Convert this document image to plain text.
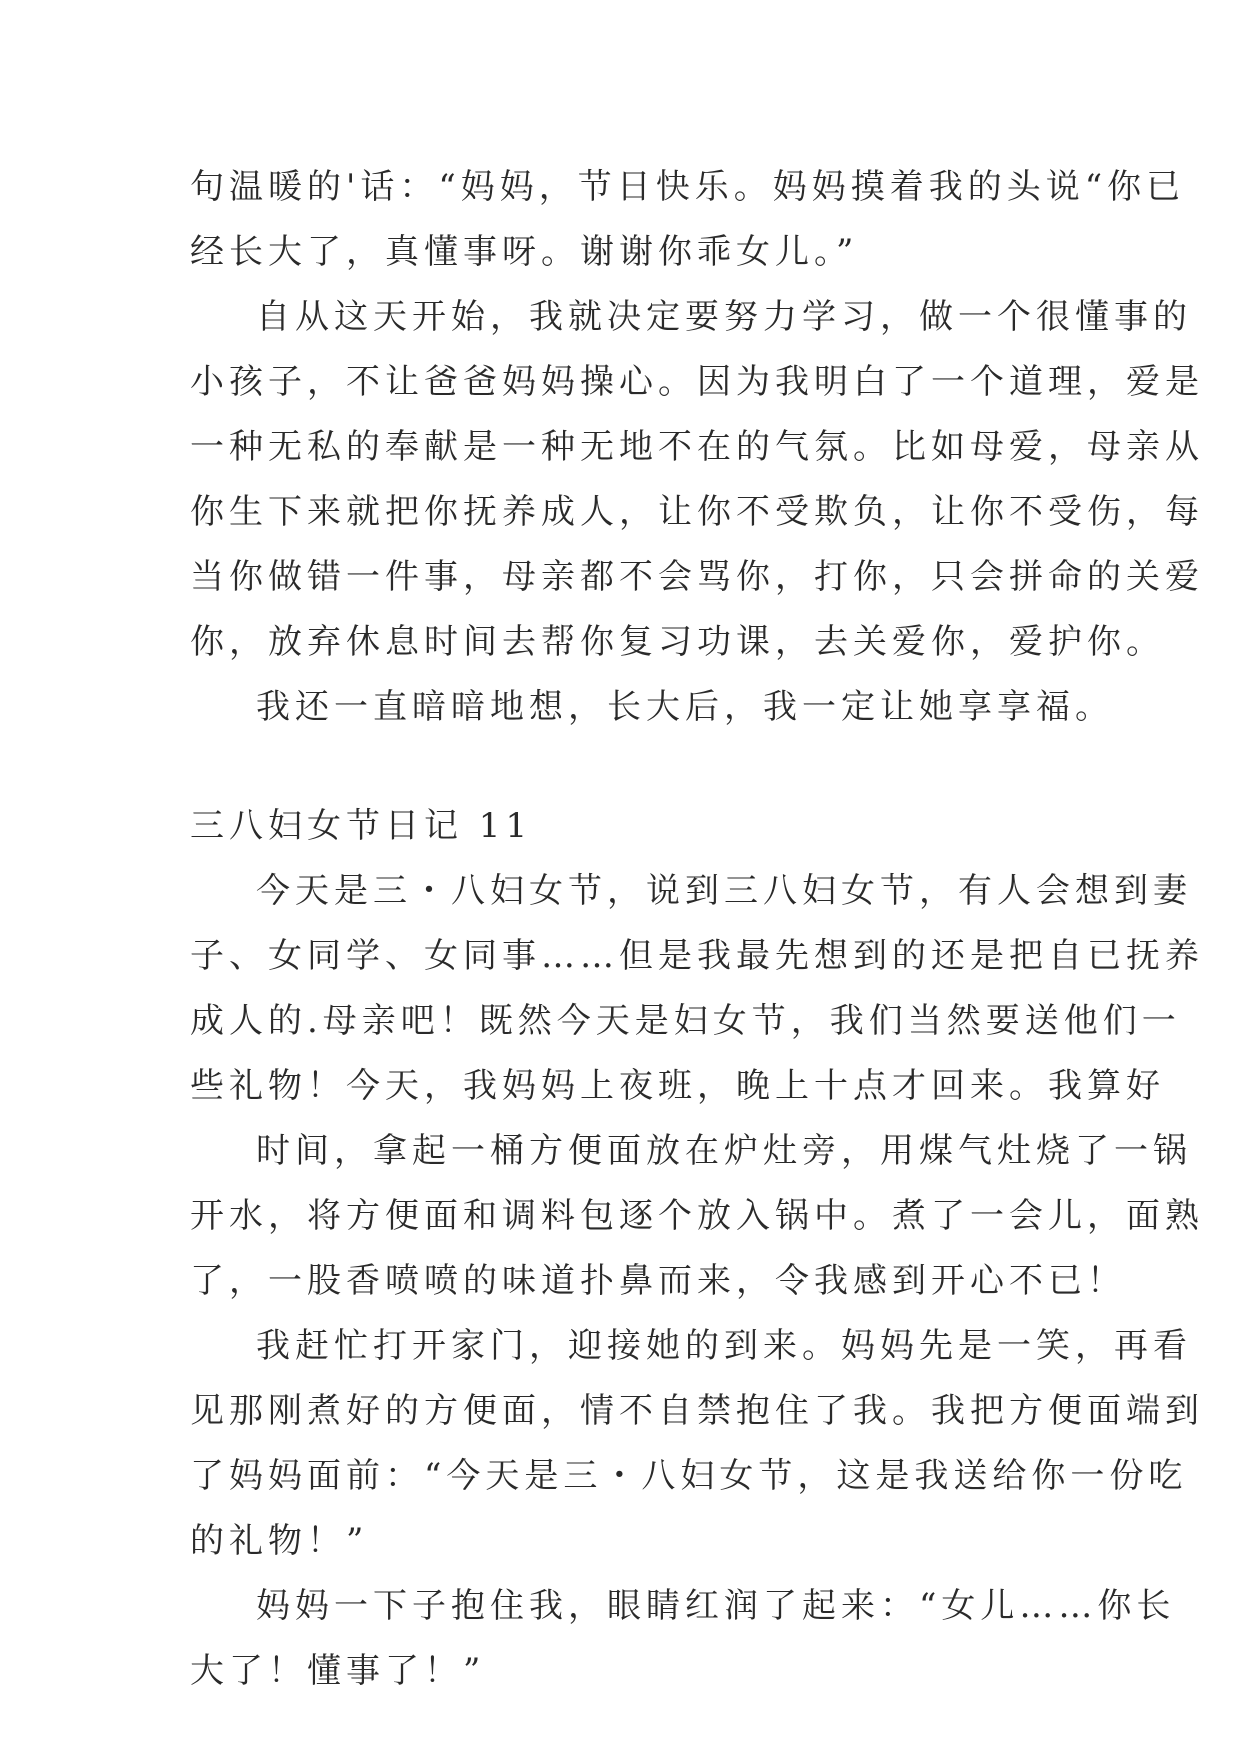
句温暖的'话：“妈妈，节日快乐。妈妈摸着我的头说“你已
经长大了，真懂事呀。谢谢你乖女儿。”
自从这天开始，我就决定要努力学习，做一个很懂事的
小孩子，不让爸爸妈妈操心。因为我明白了一个道理，爱是
一种无私的奉献是一种无地不在的气氛。比如母爱，母亲从
你生下来就把你抚养成人，让你不受欺负，让你不受伤，每
当你做错一件事，母亲都不会骂你，打你，只会拼命的关爱
你，放弃休息时间去帮你复习功课，去关爱你，爱护你。
我还一直暗暗地想，长大后，我一定让她享享福。
三八妇女节日记 11
今天是三・八妇女节，说到三八妇女节，有人会想到妻
子、女同学、女同事……但是我最先想到的还是把自已抚养
成人的.母亲吧！既然今天是妇女节，我们当然要送他们一
些礼物！今天，我妈妈上夜班，晚上十点才回来。我算好
时间，拿起一桶方便面放在炉灶旁，用煤气灶烧了一锅
开水，将方便面和调料包逐个放入锅中。煮了一会儿，面熟
了，一股香喷喷的味道扑鼻而来，令我感到开心不已！
我赶忙打开家门，迎接她的到来。妈妈先是一笑，再看
见那刚煮好的方便面，情不自禁抱住了我。我把方便面端到
了妈妈面前：“今天是三・八妇女节，这是我送给你一份吃
的礼物！”
妈妈一下子抱住我，眼睛红润了起来：“女儿……你长
大了！懂事了！”
